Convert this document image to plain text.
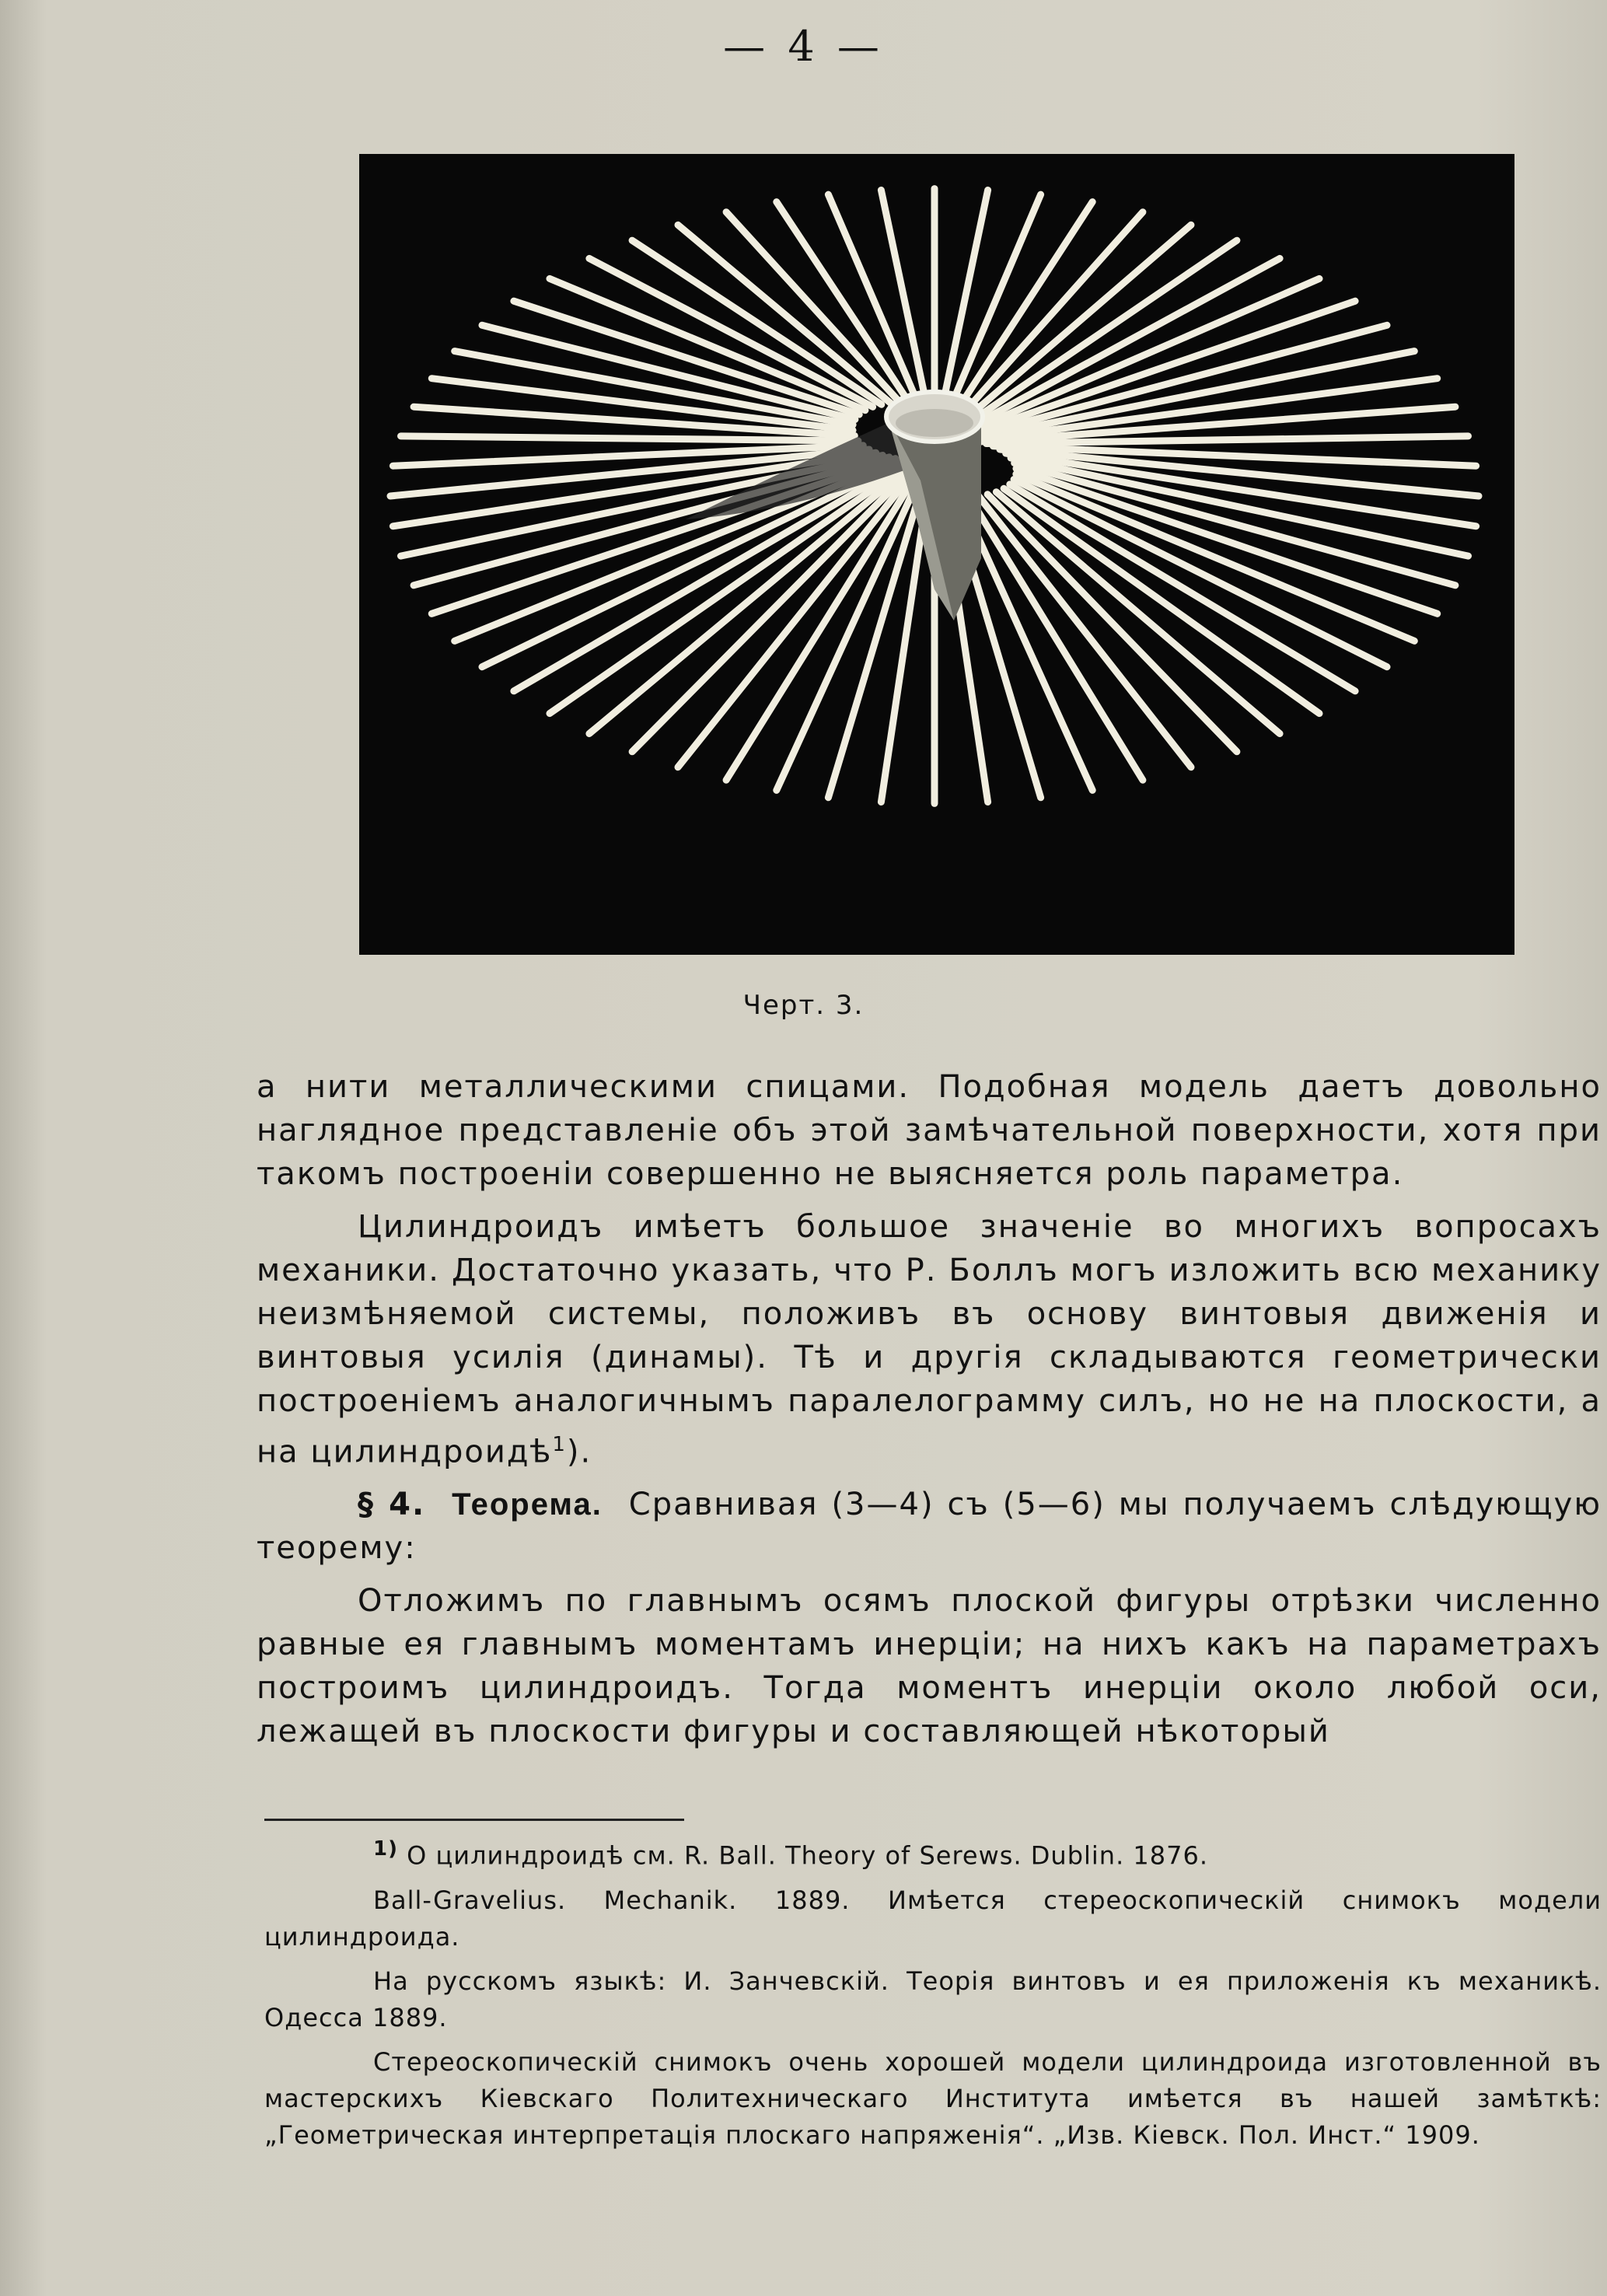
— 4 —
Черт. 3.

а нити металлическими спицами. Подобная модель даетъ довольно наглядное представленіе объ этой замѣчательной поверхности, хотя при такомъ построеніи совершенно не выясняется роль параметра.

Цилиндроидъ имѣетъ большое значеніе во многихъ вопросахъ механики. Достаточно указать, что Р. Боллъ могъ изложить всю механику неизмѣняемой системы, положивъ въ основу винтовыя движенія и винтовыя усилія (динамы). Тѣ и другія складываются геометрически построеніемъ аналогичнымъ паралелограмму силъ, но не на плоскости, а на цилиндроидѣ$^1$).

§ 4. Теорема. Сравнивая (3—4) съ (5—6) мы получаемъ слѣдующую теорему:

Отложимъ по главнымъ осямъ плоской фигуры отрѣзки численно равные ея главнымъ моментамъ инерціи; на нихъ какъ на параметрахъ построимъ цилиндроидъ. Тогда моментъ инерціи около любой оси, лежащей въ плоскости фигуры и составляющей нѣкоторый

$^{1)}$ О цилиндроидѣ см. R. Ball. Theory of Serews. Dublin. 1876.

Ball-Gravelius. Mechanik. 1889. Имѣется стереоскопическій снимокъ модели цилиндроида.

На русскомъ языкѣ: И. Занчевскій. Теорія винтовъ и ея приложенія къ механикѣ. Одесса 1889.

Стереоскопическій снимокъ очень хорошей модели цилиндроида изготовленной въ мастерскихъ Кіевскаго Политехническаго Института имѣется въ нашей замѣткѣ: „Геометрическая интерпретація плоскаго напряженія“. „Изв. Кіевск. Пол. Инст.“ 1909.
